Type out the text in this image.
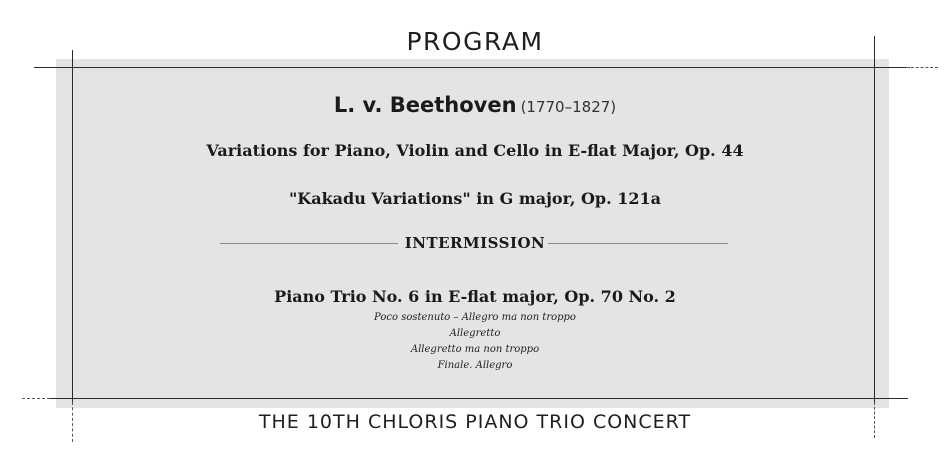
PROGRAM
L. v. Beethoven (1770–1827)
Variations for Piano, Violin and Cello in E-flat Major, Op. 44
"Kakadu Variations" in G major, Op. 121a
INTERMISSION
Piano Trio No. 6 in E-flat major, Op. 70 No. 2
Poco sostenuto – Allegro ma non troppo
Allegretto
Allegretto ma non troppo
Finale. Allegro
THE 10TH CHLORIS PIANO TRIO CONCERT
